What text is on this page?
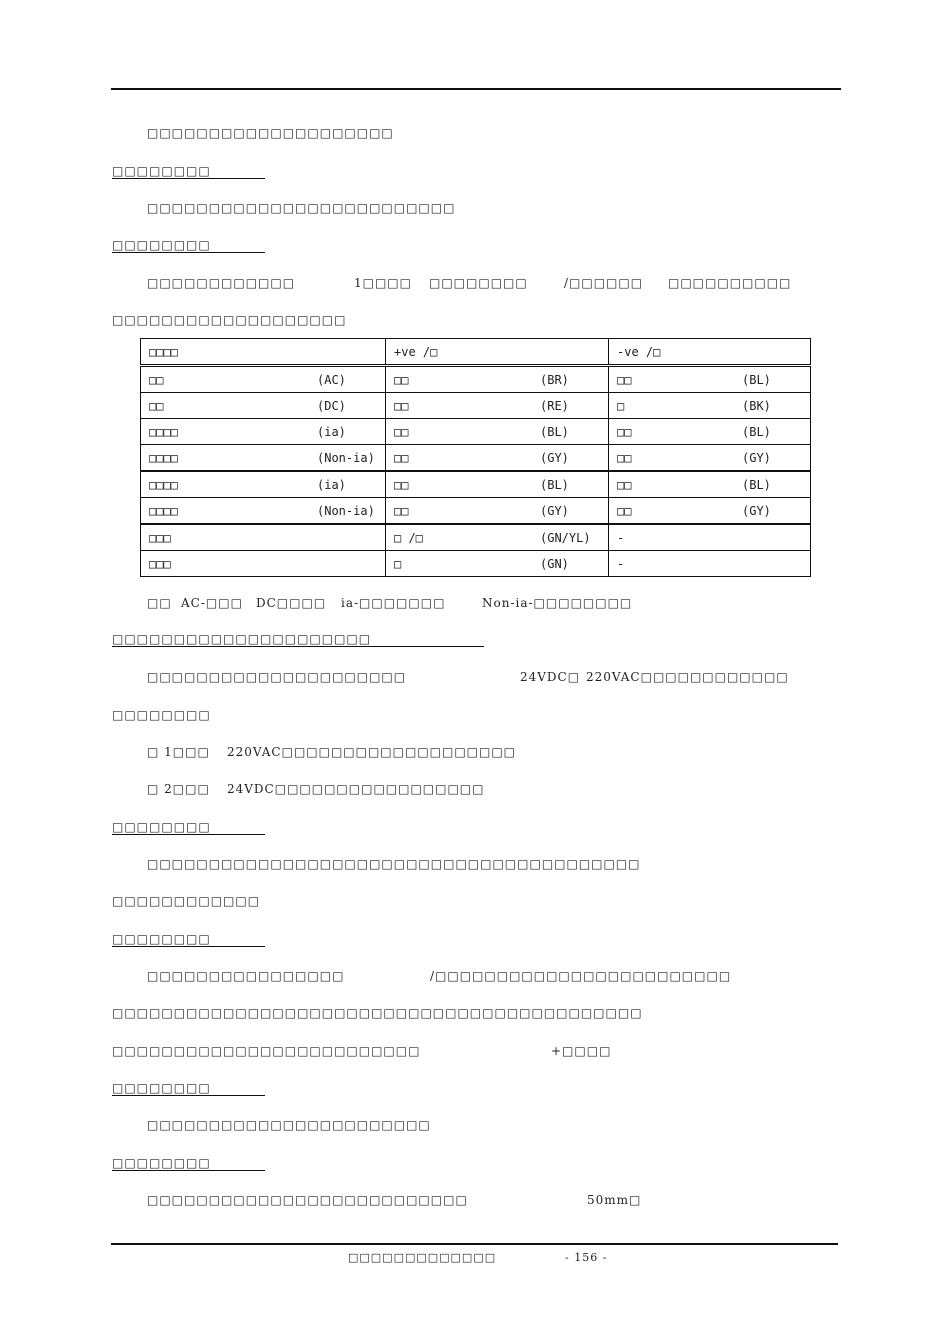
□□□□□□□□□□□□□□□□□□□□
□□□□□□□□
□□□□□□□□□□□□□□□□□□□□□□□□□
□□□□□□□□
□□□□□□□□□□□□	1□□□□ □□□□□□□□	/□□□□□□ □□□□□□□□□□
□□□□□□□□□□□□□□□□□□□
□□□□	+ve /□	-ve /□

□□ (AC)	□□ (BR)	□□ (BL)

□□ (DC)	□□ (RE)	□ (BK)

□□□□ (ia)	□□ (BL)	□□ (BL)

□□□□ (Non-ia)	□□ (GY)	□□ (GY)

□□□□ (ia)	□□ (BL)	□□ (BL)

□□□□ (Non-ia)	□□ (GY)	□□ (GY)

□□□	□ /□ (GN/YL)	-

□□□	□ (GN)	-
□□ AC-□□□ DC□□□□ ia-□□□□□□□	Non-ia-□□□□□□□□
□□□□□□□□□□□□□□□□□□□□□
□□□□□□□□□□□□□□□□□□□□□	24VDC□ 220VAC□□□□□□□□□□□□
□□□□□□□□
□ 1□□□ 220VAC□□□□□□□□□□□□□□□□□□□
□ 2□□□ 24VDC□□□□□□□□□□□□□□□□□
□□□□□□□□
□□□□□□□□□□□□□□□□□□□□□□□□□□□□□□□□□□□□□□□□
□□□□□□□□□□□□
□□□□□□□□
□□□□□□□□□□□□□□□□	/□□□□□□□□□□□□□□□□□□□□□□□□
□□□□□□□□□□□□□□□□□□□□□□□□□□□□□□□□□□□□□□□□□□□
□□□□□□□□□□□□□□□□□□□□□□□□□	+□□□□
□□□□□□□□
□□□□□□□□□□□□□□□□□□□□□□□
□□□□□□□□
□□□□□□□□□□□□□□□□□□□□□□□□□□	50mm□
□□□□□□□□□□□□□	- 156 -
